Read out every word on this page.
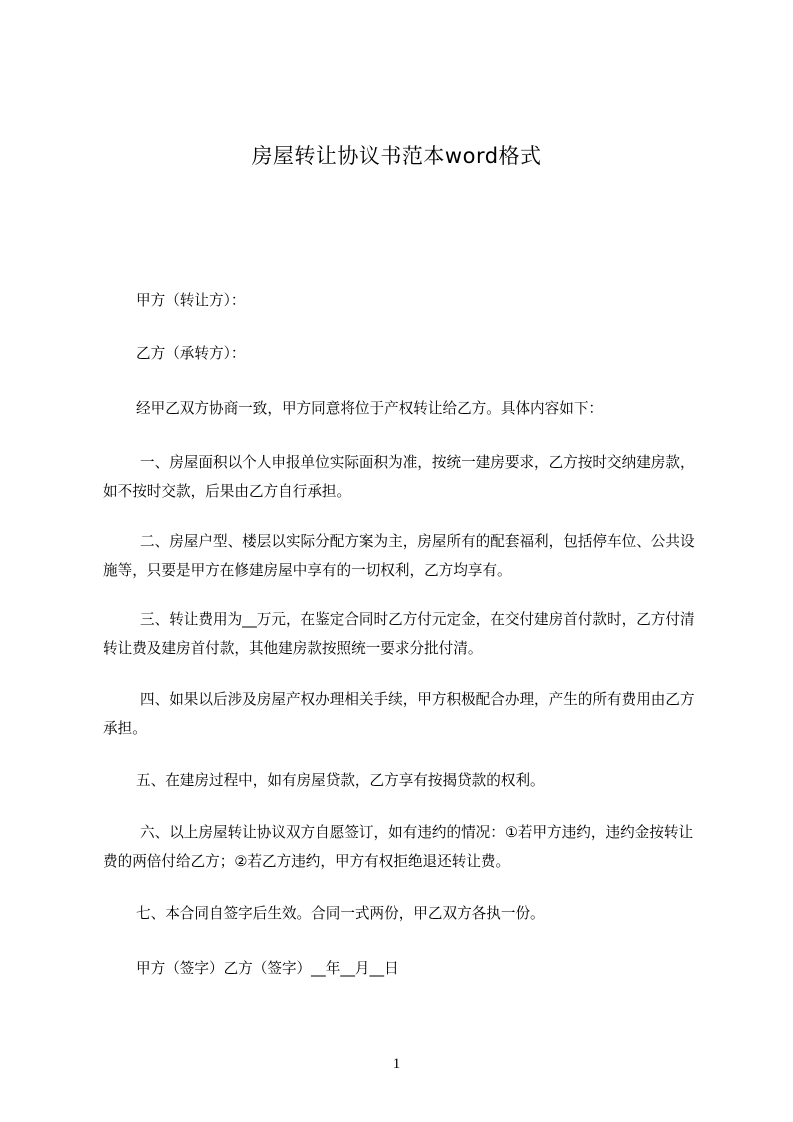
房屋转让协议书范本word格式
甲方（转让方）：
乙方（承转方）：
经甲乙双方协商一致，甲方同意将位于产权转让给乙方。具体内容如下：
一、房屋面积以个人申报单位实际面积为准，按统一建房要求，乙方按时交纳建房款，如不按时交款，后果由乙方自行承担。
二、房屋户型、楼层以实际分配方案为主，房屋所有的配套福利，包括停车位、公共设施等，只要是甲方在修建房屋中享有的一切权利，乙方均享有。
三、转让费用为__万元，在鉴定合同时乙方付元定金，在交付建房首付款时，乙方付清转让费及建房首付款，其他建房款按照统一要求分批付清。
四、如果以后涉及房屋产权办理相关手续，甲方积极配合办理，产生的所有费用由乙方承担。
五、在建房过程中，如有房屋贷款，乙方享有按揭贷款的权利。
六、以上房屋转让协议双方自愿签订，如有违约的情况：①若甲方违约，违约金按转让费的两倍付给乙方；②若乙方违约，甲方有权拒绝退还转让费。
七、本合同自签字后生效。合同一式两份，甲乙双方各执一份。
甲方（签字）乙方（签字）__年__月__日
1
